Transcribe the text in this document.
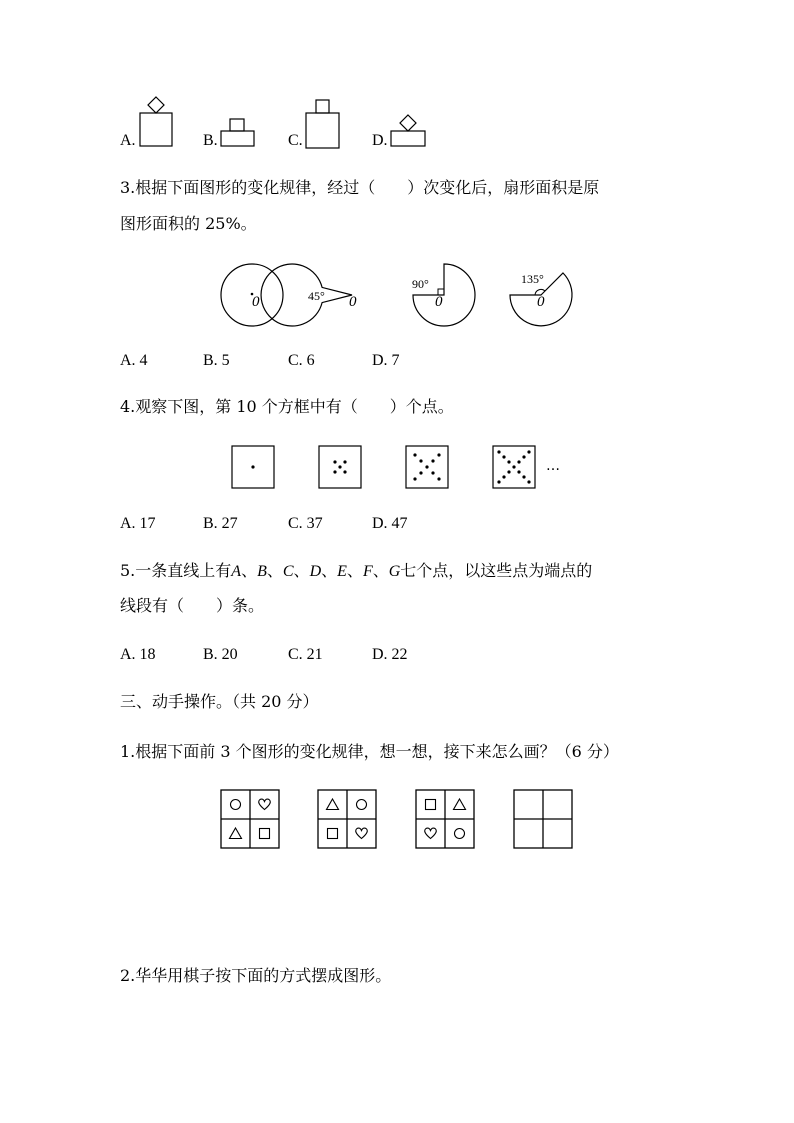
A.	B.	C.	D.
3.根据下面图形的变化规律，经过（　　）次变化后，扇形面积是原
图形面积的 25%。
0	45° 0
90°
0
135°
0
A. 4	B. 5	C. 6	D. 7
4.观察下图，第 10 个方框中有（　　）个点。
…
A. 17	B. 27	C. 37	D. 47
5.一条直线上有A、B、C、D、E、F、G七个点，以这些点为端点的
线段有（　　）条。
A. 18	B. 20	C. 21	D. 22
三、动手操作。（共 20 分）
1.根据下面前 3 个图形的变化规律，想一想，接下来怎么画？（6 分）
2.华华用棋子按下面的方式摆成图形。
